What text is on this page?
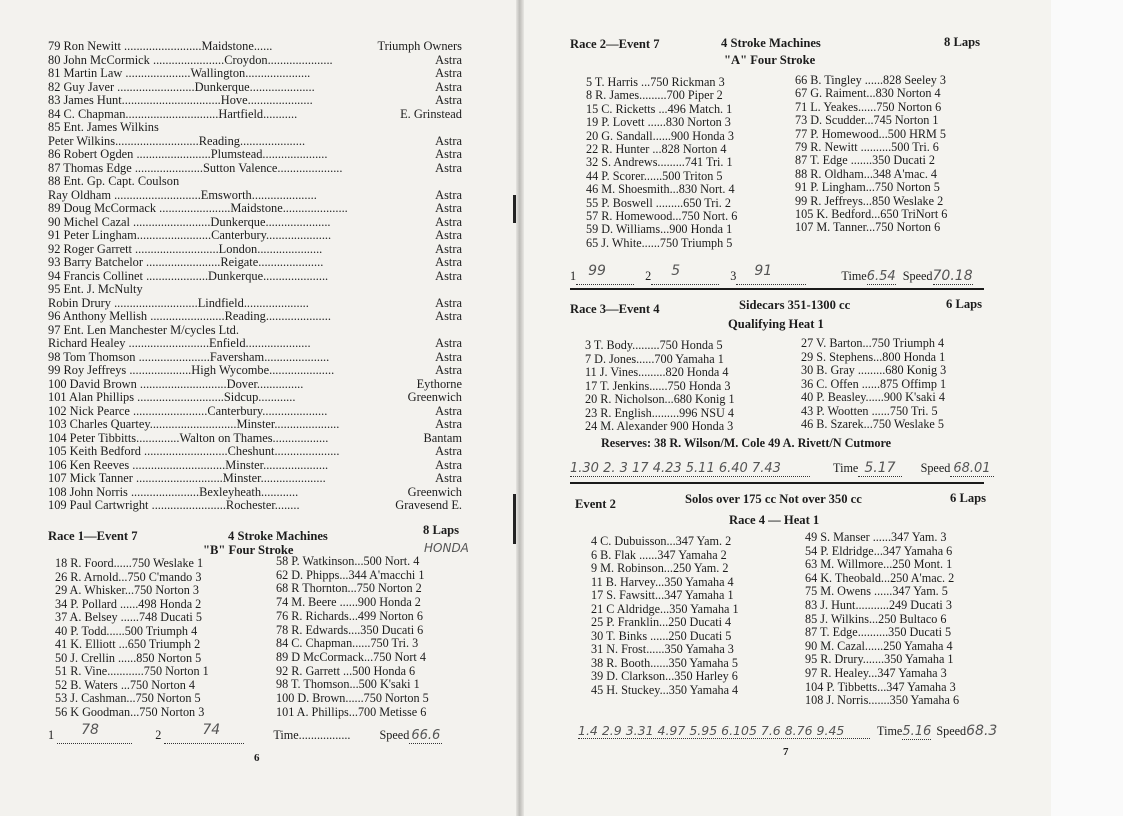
79 Ron Newitt .........................Maidstone......	Triumph Owners
80 John McCormick .......................Croydon.....................	Astra
81 Martin Law .....................Wallington.....................	Astra
82 Guy Javer .........................Dunkerque.....................	Astra
83 James Hunt................................Hove.....................	Astra
84 C. Chapman..............................Hartfield...........	E. Grinstead
85 Ent. James Wilkins
Peter Wilkins...........................Reading.....................	Astra
86 Robert Ogden ........................Plumstead.....................	Astra
87 Thomas Edge ......................Sutton Valence.....................	Astra
88 Ent. Gp. Capt. Coulson
Ray Oldham ............................Emsworth.....................	Astra
89 Doug McCormack .......................Maidstone.....................	Astra
90 Michel Cazal .........................Dunkerque.....................	Astra
91 Peter Lingham........................Canterbury.....................	Astra
92 Roger Garrett ...........................London.....................	Astra
93 Barry Batchelor ........................Reigate.....................	Astra
94 Francis Collinet ....................Dunkerque.....................	Astra
95 Ent. J. McNulty
Robin Drury ...........................Lindfield.....................	Astra
96 Anthony Mellish ........................Reading.....................	Astra
97 Ent. Len Manchester M/cycles Ltd.
Richard Healey ..........................Enfield.....................	Astra
98 Tom Thomson .......................Faversham.....................	Astra
99 Roy Jeffreys ....................High Wycombe.....................	Astra
100 David Brown ............................Dover...............	Eythorne
101 Alan Phillips ............................Sidcup............	Greenwich
102 Nick Pearce ........................Canterbury.....................	Astra
103 Charles Quartey............................Minster.....................	Astra
104 Peter Tibbitts..............Walton on Thames..................	Bantam
105 Keith Bedford ...........................Cheshunt.....................	Astra
106 Ken Reeves ..............................Minster.....................	Astra
107 Mick Tanner ............................Minster.....................	Astra
108 John Norris ......................Bexleyheath............	Greenwich
109 Paul Cartwright ........................Rochester........	Gravesend E.
Race 1—Event 7	4 Stroke Machines	8 Laps
"B" Four Stroke	HONDA
18 R. Foord......750 Weslake 1
26 R. Arnold...750 C'mando 3
29 A. Whisker...750 Norton 3
34 P. Pollard ......498 Honda 2
37 A. Belsey ......748 Ducati 5
40 P. Todd......500 Triumph 4
41 K. Elliott ...650 Triumph 2
50 J. Crellin ......850 Norton 5
51 R. Vine............750 Norton 1
52 B. Waters ...750 Norton 4
53 J. Cashman...750 Norton 5
56 K Goodman...750 Norton 3
58 P. Watkinson...500 Nort. 4
62 D. Phipps...344 A'macchi 1
68 R Thornton...750 Norton 2
74 M. Beere ......900 Honda 2
76 R. Richards...499 Norton 6
78 R. Edwards....350 Ducati 6
84 C. Chapman......750 Tri. 3
89 D McCormack...750 Nort 4
92 R. Garrett ...500 Honda 6
98 T. Thomson...500 K'saki 1
100 D. Brown......750 Norton 5
101 A. Phillips...700 Metisse 6
1 78	2	74	Time................. Speed 66.6
6
Race 2—Event 7	4 Stroke Machines	8 Laps
"A" Four Stroke
5 T. Harris ...750 Rickman 3
8 R. James.........700 Piper 2
15 C. Ricketts ...496 Match. 1
19 P. Lovett ......830 Norton 3
20 G. Sandall......900 Honda 3
22 R. Hunter ...828 Norton 4
32 S. Andrews.........741 Tri. 1
44 P. Scorer......500 Triton 5
46 M. Shoesmith...830 Nort. 4
55 P. Boswell .........650 Tri. 2
57 R. Homewood...750 Nort. 6
59 D. Williams...900 Honda 1
65 J. White......750 Triumph 5
66 B. Tingley ......828 Seeley 3
67 G. Raiment...830 Norton 4
71 L. Yeakes......750 Norton 6
73 D. Scudder...745 Norton 1
77 P. Homewood...500 HRM 5
79 R. Newitt ..........500 Tri. 6
87 T. Edge .......350 Ducati 2
88 R. Oldham...348 A'mac. 4
91 P. Lingham...750 Norton 5
99 R. Jeffreys...850 Weslake 2
105 K. Bedford...650 TriNort 6
107 M. Tanner...750 Norton 6
1 99	2 5	3 91	Time6.54 Speed70.18
Race 3—Event 4	Sidecars 351-1300 cc	6 Laps
Qualifying Heat 1
3 T. Body.........750 Honda 5
7 D. Jones......700 Yamaha 1
11 J. Vines.........820 Honda 4
17 T. Jenkins......750 Honda 3
20 R. Nicholson...680 Konig 1
23 R. English.........996 NSU 4
24 M. Alexander 900 Honda 3
27 V. Barton...750 Triumph 4
29 S. Stephens...800 Honda 1
30 B. Gray .........680 Konig 3
36 C. Offen ......875 Offimp 1
40 P. Beasley......900 K'saki 4
43 P. Wootten ......750 Tri. 5
46 B. Szarek...750 Weslake 5
Reserves: 38 R. Wilson/M. Cole 49 A. Rivett/N Cutmore
1.30 2. 3 17 4.23 5.11 6.40 7.43	Time 5.17 Speed 68.01
Event 2	Solos over 175 cc Not over 350 cc	6 Laps
Race 4 — Heat 1
4 C. Dubuisson...347 Yam. 2
6 B. Flak ......347 Yamaha 2
9 M. Robinson...250 Yam. 2
11 B. Harvey...350 Yamaha 4
17 S. Fawsitt...347 Yamaha 1
21 C Aldridge...350 Yamaha 1
25 P. Franklin...250 Ducati 4
30 T. Binks ......250 Ducati 5
31 N. Frost......350 Yamaha 3
38 R. Booth......350 Yamaha 5
39 D. Clarkson...350 Harley 6
45 H. Stuckey...350 Yamaha 4
49 S. Manser ......347 Yam. 3
54 P. Eldridge...347 Yamaha 6
63 M. Willmore...250 Mont. 1
64 K. Theobald...250 A'mac. 2
75 M. Owens ......347 Yam. 5
83 J. Hunt...........249 Ducati 3
85 J. Wilkins...250 Bultaco 6
87 T. Edge..........350 Ducati 5
90 M. Cazal......250 Yamaha 4
95 R. Drury.......350 Yamaha 1
97 R. Healey...347 Yamaha 3
104 P. Tibbetts...347 Yamaha 3
108 J. Norris.......350 Yamaha 6
1.4 2.9 3.31 4.97 5.95 6.105 7.6 8.76 9.45	Time5.16 Speed68.3
7
